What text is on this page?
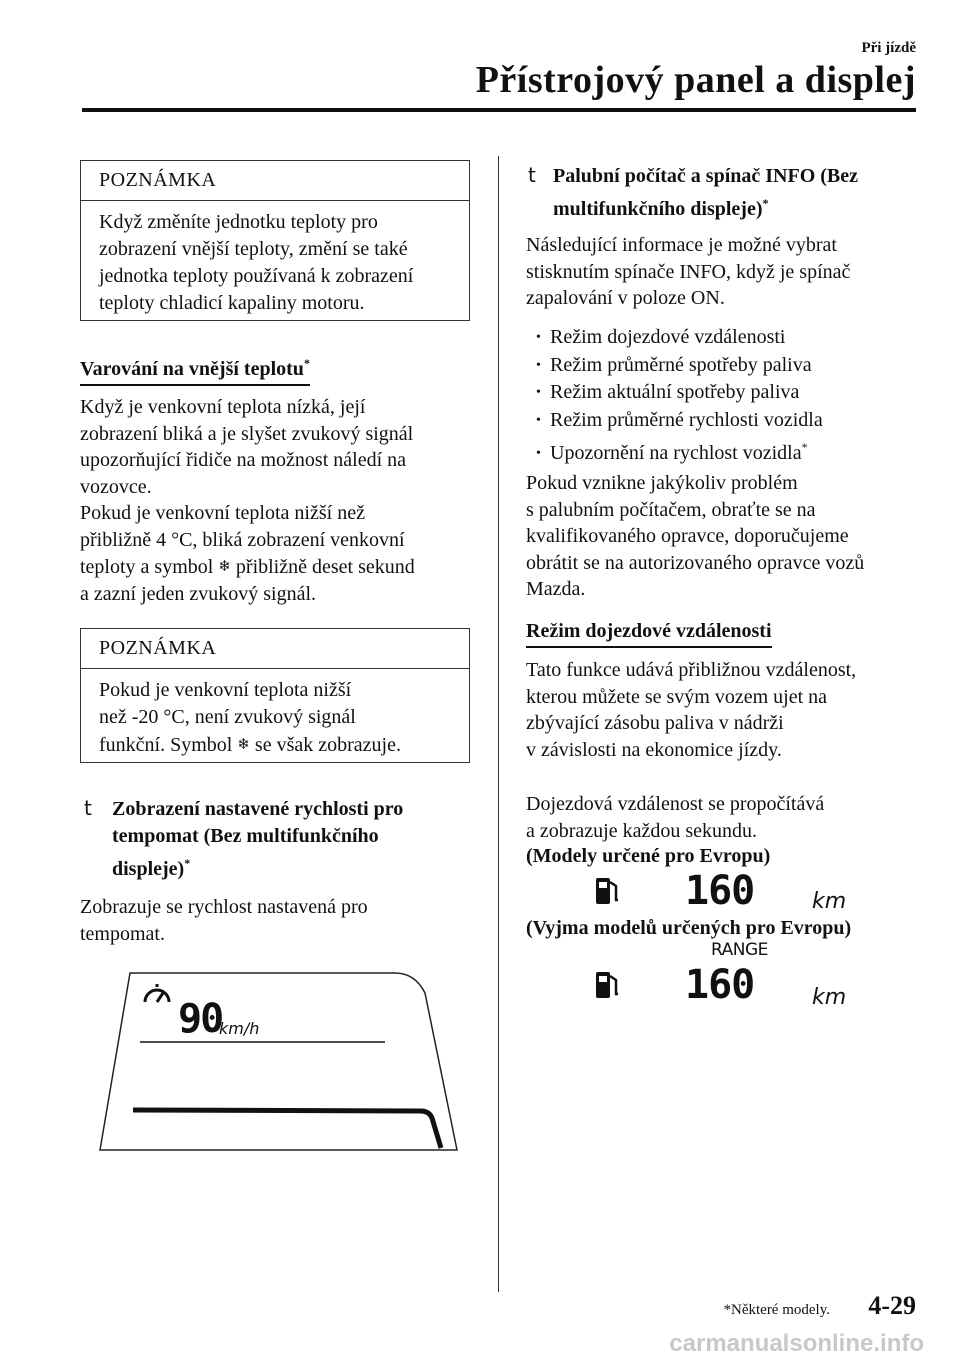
Při jízdě
Přístrojový panel a displej
POZNÁMKA
Když změníte jednotku teploty pro
zobrazení vnější teploty, změní se také
jednotka teploty používaná k zobrazení
teploty chladicí kapaliny motoru.
Varování na vnější teplotu*
Když je venkovní teplota nízká, její
zobrazení bliká a je slyšet zvukový signál
upozorňující řidiče na možnost náledí na
vozovce.
Pokud je venkovní teplota nižší než
přibližně 4 °C, bliká zobrazení venkovní
teploty a symbol ❄ přibližně deset sekund
a zazní jeden zvukový signál.
POZNÁMKA
Pokud je venkovní teplota nižší
než -20 °C, není zvukový signál
funkční. Symbol ❄ se však zobrazuje.
t Zobrazení nastavené rychlosti pro
tempomat (Bez multifunkčního
displeje)*
Zobrazuje se rychlost nastavená pro
tempomat.
90
km/h
t Palubní počítač a spínač INFO (Bez
multifunkčního displeje)*
Následující informace je možné vybrat
stisknutím spínače INFO, když je spínač
zapalování v poloze ON.
• Režim dojezdové vzdálenosti
• Režim průměrné spotřeby paliva
• Režim aktuální spotřeby paliva
• Režim průměrné rychlosti vozidla
• Upozornění na rychlost vozidla*
Pokud vznikne jakýkoliv problém
s palubním počítačem, obraťte se na
kvalifikovaného opravce, doporučujeme
obrátit se na autorizovaného opravce vozů
Mazda.
Režim dojezdové vzdálenosti
Tato funkce udává přibližnou vzdálenost,
kterou můžete se svým vozem ujet na
zbývající zásobu paliva v nádrži
v závislosti na ekonomice jízdy.
Dojezdová vzdálenost se propočítává
a zobrazuje každou sekundu.
(Modely určené pro Evropu)
160	km
(Vyjma modelů určených pro Evropu)
RANGE
160	km
*Některé modely. 4-29
carmanualsonline.info
